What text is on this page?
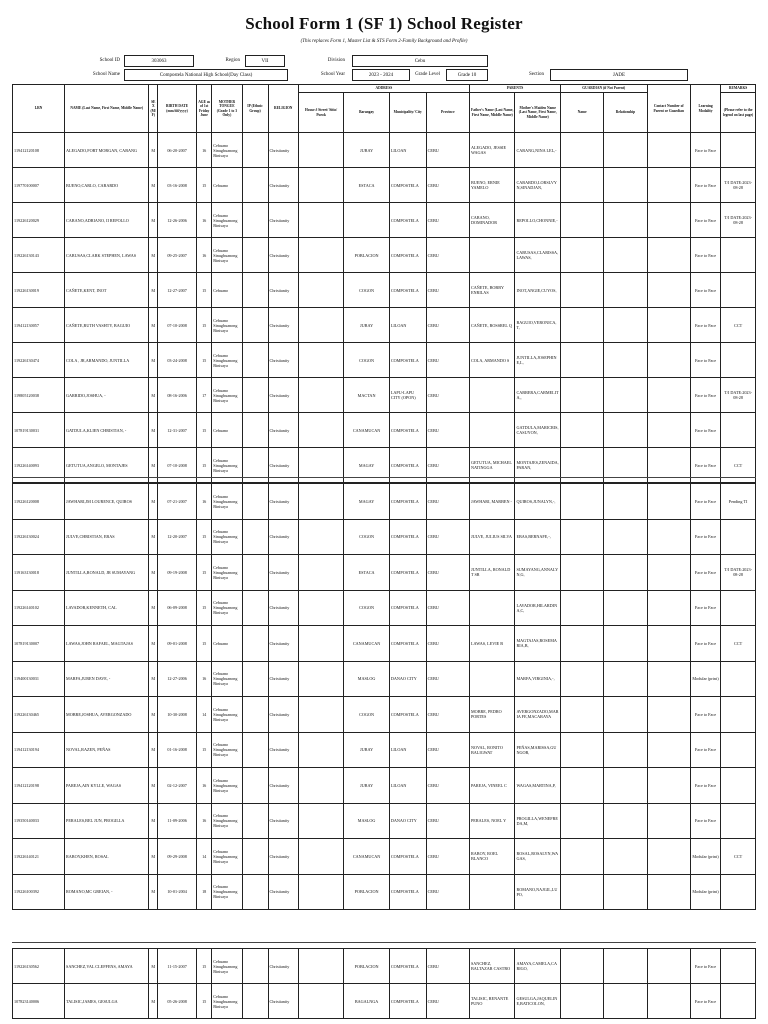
School Form 1 (SF 1) School Register
(This replaces Form 1, Master List & STS Form 2-Family Background and Profile)
School ID	303063	Region	VII	Division	Cebu
School Name	Compostela National High School(Day Class)	School Year	2023 - 2024	Grade Level	Grade 10	Section	JADE
LRN	NAME (Last Name, First Name, Middle Name)	SEX (M/F)	BIRTH DATE (mm/dd/yyyy)	AGE as of 1st Friday June	MOTHER TONGUE (Grade 1 to 3 Only)	IP (Ethnic Group)	RELIGION	ADDRESS				PARENTS		GUARDIAN (if Not Parent)		Contact Number of Parent or Guardian	Learning Modality	REMARKS
								House # Street/ Sitio/ Purok	Barangay	Municipality/ City	Province	Father's Name (Last Name, First Name, Middle Name)	Mother's Maiden Name (Last Name, First Name, Middle Name)	Name	Relationship			(Please refer to the legend on last page)
119412120108	ALEGADO,FORT MORGAN, CABANG	M	06-20-2007	16	Cebuano Sinugbuanong Binisaya		Christianity		JUBAY	LILOAN	CEBU	ALEGADO, JESSIE WAGAS	CABANG,NINA LEL,-				Face to Face	
119770100007	BUENO,CARLO, CABARDO	M	03-16-2008	15	Cebuano		Christianity		ESTACA	COMPOSTELA	CEBU	BUENO, ERNIE YAMELO	CABARDO,LORSLVYN,SINADJAN,				Face to Face	T/I DATE:2023-08-28
119226120029	CABANO,ADRIANO, II REPOLLO	M	12-26-2006	16	Cebuano Sinugbuanong Binisaya		Christianity			COMPOSTELA	CEBU	CABANO, DOMINADOR	REPOLLO,CHONNIE,-				Face to Face	T/I DATE:2023-08-28
119226130143	CABUSAS,CLARK STEPHEN, LAWAS	M	09-25-2007	16	Cebuano Sinugbuanong Binisaya		Christianity		POBLACION	COMPOSTELA	CEBU		CABUSAS,CLARISSA,LAWAS,				Face to Face	
119226130019	CAÑETE,KENT, INOT	M	12-27-2007	15	Cebuano		Christianity		COGON	COMPOSTELA	CEBU	CAÑETE, BOBBY ENRILAS	INOT,ANGIE,CUYOS,				Face to Face	
119412130057	CAÑETE,RUTH VASHTY, BAGUIO	M	07-10-2008	15	Cebuano Sinugbuanong Binisaya		Christianity		JUBAY	LILOAN	CEBU	CAÑETE, ROSSREL Q	BAGUIO,VERONICA,T,				Face to Face	CCT
119226130474	COLA , JR,ARMANDO, JUNTILLA	M	03-24-2008	15	Cebuano Sinugbuanong Binisaya		Christianity		COGON	COMPOSTELA	CEBU	COLA, ARMANDO S	JUNTILLA,JOSEPHINE,L,				Face to Face	
119805120038	GARRIDO,JOSHUA, -	M	08-16-2006	17	Cebuano Sinugbuanong Binisaya		Christianity		MACTAN	LAPU-LAPU CITY (OPON)	CEBU		CABRERA,CARMELITA,,				Face to Face	T/I DATE:2023-08-28
107819130031	GATDULA,KLIEN CHRISTIAN, -	M	12-31-2007	15	Cebuano		Christianity		CANAMUCAN	COMPOSTELA	CEBU		GATDULA,MARICRIS,CASUYON,				Face to Face	
119226140093	GETUTUA,ANGELO, MONTAJES	M	07-10-2008	15	Cebuano Sinugbuanong Binisaya		Christianity		MAGAY	COMPOSTELA	CEBU	GETUTUA, MICHAEL NATINGGA	MONTAJES,ZENAIDA,PARAN,				Face to Face	CCT
119226120008	JAWHARI,JM LOURENCE, QUIROS	M	07-21-2007	16	Cebuano Sinugbuanong Binisaya		Christianity		MAGAY	COMPOSTELA	CEBU	JAWHARI, MARBEN -	QUIROS,JUNALYN,-,				Face to Face	Pending TI
119226130024	JULVE,CHRISTIAN, EBAS	M	12-20-2007	15	Cebuano Sinugbuanong Binisaya		Christianity		COGON	COMPOSTELA	CEBU	JULVE, JULIUS SILVA	EBAS,BERNAFE,-,				Face to Face	
119163130018	JUNTILLA,RONALD, JR SUMAYANG	M	09-19-2008	15	Cebuano Sinugbuanong Binisaya		Christianity		ESTACA	COMPOSTELA	CEBU	JUNTILLA, RONALD T SR	SUMAYANG,ANNALYN,G,				Face to Face	T/I DATE:2023-08-28
119226140102	LAVADOR,KENNETH, CAL	M	06-09-2008	15	Cebuano Sinugbuanong Binisaya		Christianity		COGON	COMPOSTELA	CEBU		LAVADOR,HILARDINA,C,				Face to Face	
107819130007	LAWAS,JOHN RAFAEL, MAGTAJAS	M	09-01-2008	15	Cebuano		Christianity		CANAMUCAN	COMPOSTELA	CEBU	LAWAS, LEVIE B	MAGTAJAS,ROSEMARIA,B,				Face to Face	CCT
119400130031	MARFA,JUREN DAVE, -	M	12-27-2006	16	Cebuano Sinugbuanong Binisaya		Christianity		MASLOG	DANAO CITY	CEBU		MARFA,VIRGINIA,-,				Modular (print)	
119226130465	MOBRE,JOSHUA, AVERGONZADO	M	10-30-2008	14	Cebuano Sinugbuanong Binisaya		Christianity		COGON	COMPOSTELA	CEBU	MOBRE, PEDRO PORTES	AVERGONZADO,MARIA FE,MACARAYA				Face to Face	
119412130194	NOVAL,RAZEN, PEÑAS	M	01-16-2008	15	Cebuano Sinugbuanong Binisaya		Christianity		JUBAY	LILOAN	CEBU	NOVAL, RONITO BALIGWAT	PEÑAS,MARISSA,GUNGOB,				Face to Face	
119412120198	PAREJA,AIN KYLLE, WAGAS	M	02-12-2007	16	Cebuano Sinugbuanong Binisaya		Christianity		JUBAY	LILOAN	CEBU	PAREJA, VINEEL C	WAGAS,MARTINA,P,				Face to Face	
119350140033	PERALES,BEL JUN, PROGILLA	M	11-09-2006	16	Cebuano Sinugbuanong Binisaya		Christianity		MASLOG	DANAO CITY	CEBU	PERALES, NOEL Y	PROGILLA,WENEFREDA,M,				Face to Face	
119226140121	RABOY,KHEN, ROSAL	M	09-29-2008	14	Cebuano Sinugbuanong Binisaya		Christianity		CANAMUCAN	COMPOSTELA	CEBU	RABOY, ROEL BLANCO	ROSAL,ROSALYN,WAGAS,				Modular (print)	CCT
119226100392	ROMANO,MC GREIAN, -	M	10-01-2004	18	Cebuano Sinugbuanong Binisaya		Christianity		POBLACION	COMPOSTELA	CEBU		ROMANO,NAJGIL,LUPO,				Modular (print)	
119226130562	SANCHEZ,VAL CLEFFENS, AMAYA	M	11-15-2007	15	Cebuano Sinugbuanong Binisaya		Christianity		POBLACION	COMPOSTELA	CEBU	SANCHEZ, BALTAZAR CASTRO	AMAYA,CAMELA,CARIGO,				Face to Face	
107823140006	TALISIC,JAMES, GESULGA	M	05-26-2008	15	Cebuano Sinugbuanong Binisaya		Christianity		BAGALNGA	COMPOSTELA	CEBU	TALISIC, RENANTE PUNO	GESULGA,JAQUELINE,BATICOLON,				Face to Face	
